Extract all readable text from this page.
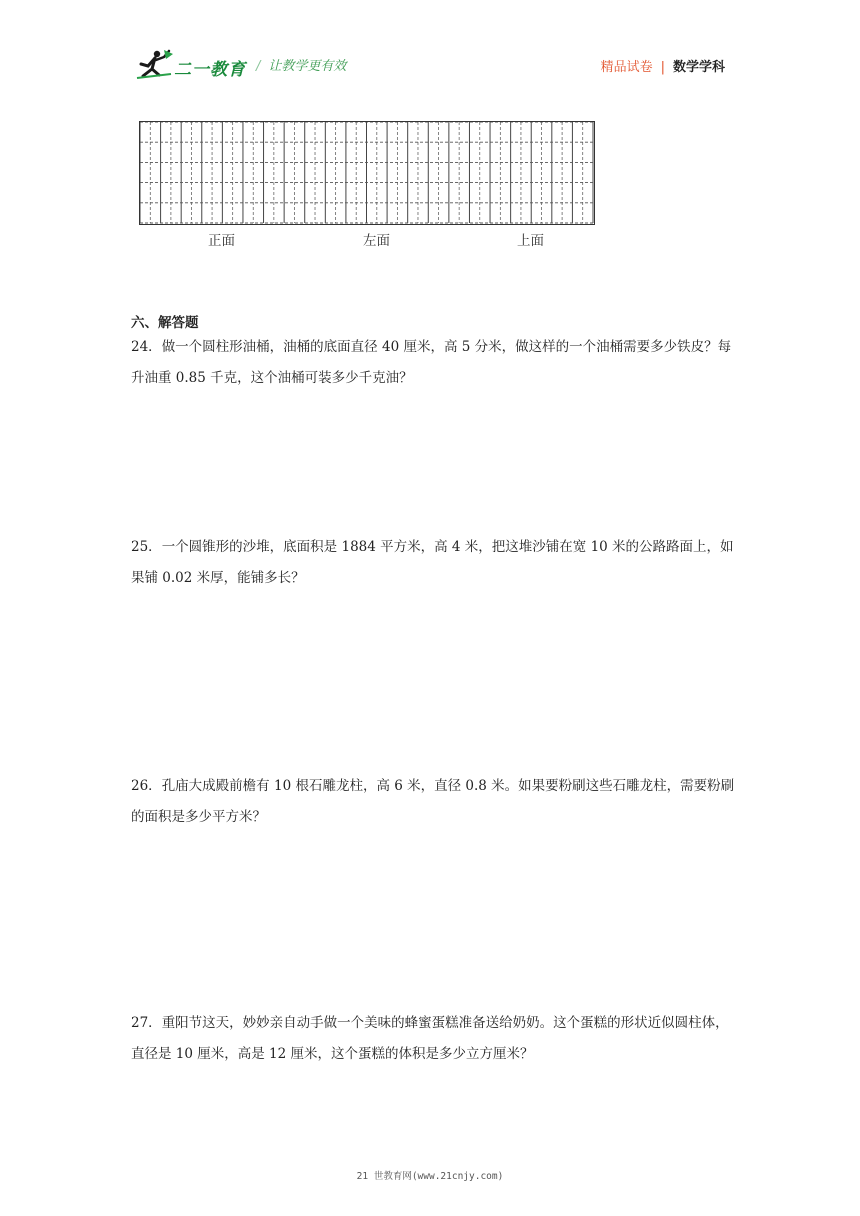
二一教育 / 让教学更有效	精品试卷 | 数学学科
正面	左面	上面
六、解答题
24．做一个圆柱形油桶，油桶的底面直径 40 厘米，高 5 分米，做这样的一个油桶需要多少铁皮？每升油重 0.85 千克，这个油桶可装多少千克油？
25．一个圆锥形的沙堆，底面积是 1884 平方米，高 4 米，把这堆沙铺在宽 10 米的公路路面上，如果铺 0.02 米厚，能铺多长？
26．孔庙大成殿前檐有 10 根石雕龙柱，高 6 米，直径 0.8 米。如果要粉刷这些石雕龙柱，需要粉刷的面积是多少平方米？
27．重阳节这天，妙妙亲自动手做一个美味的蜂蜜蛋糕准备送给奶奶。这个蛋糕的形状近似圆柱体，直径是 10 厘米，高是 12 厘米，这个蛋糕的体积是多少立方厘米？
21 世教育网(www.21cnjy.com)
